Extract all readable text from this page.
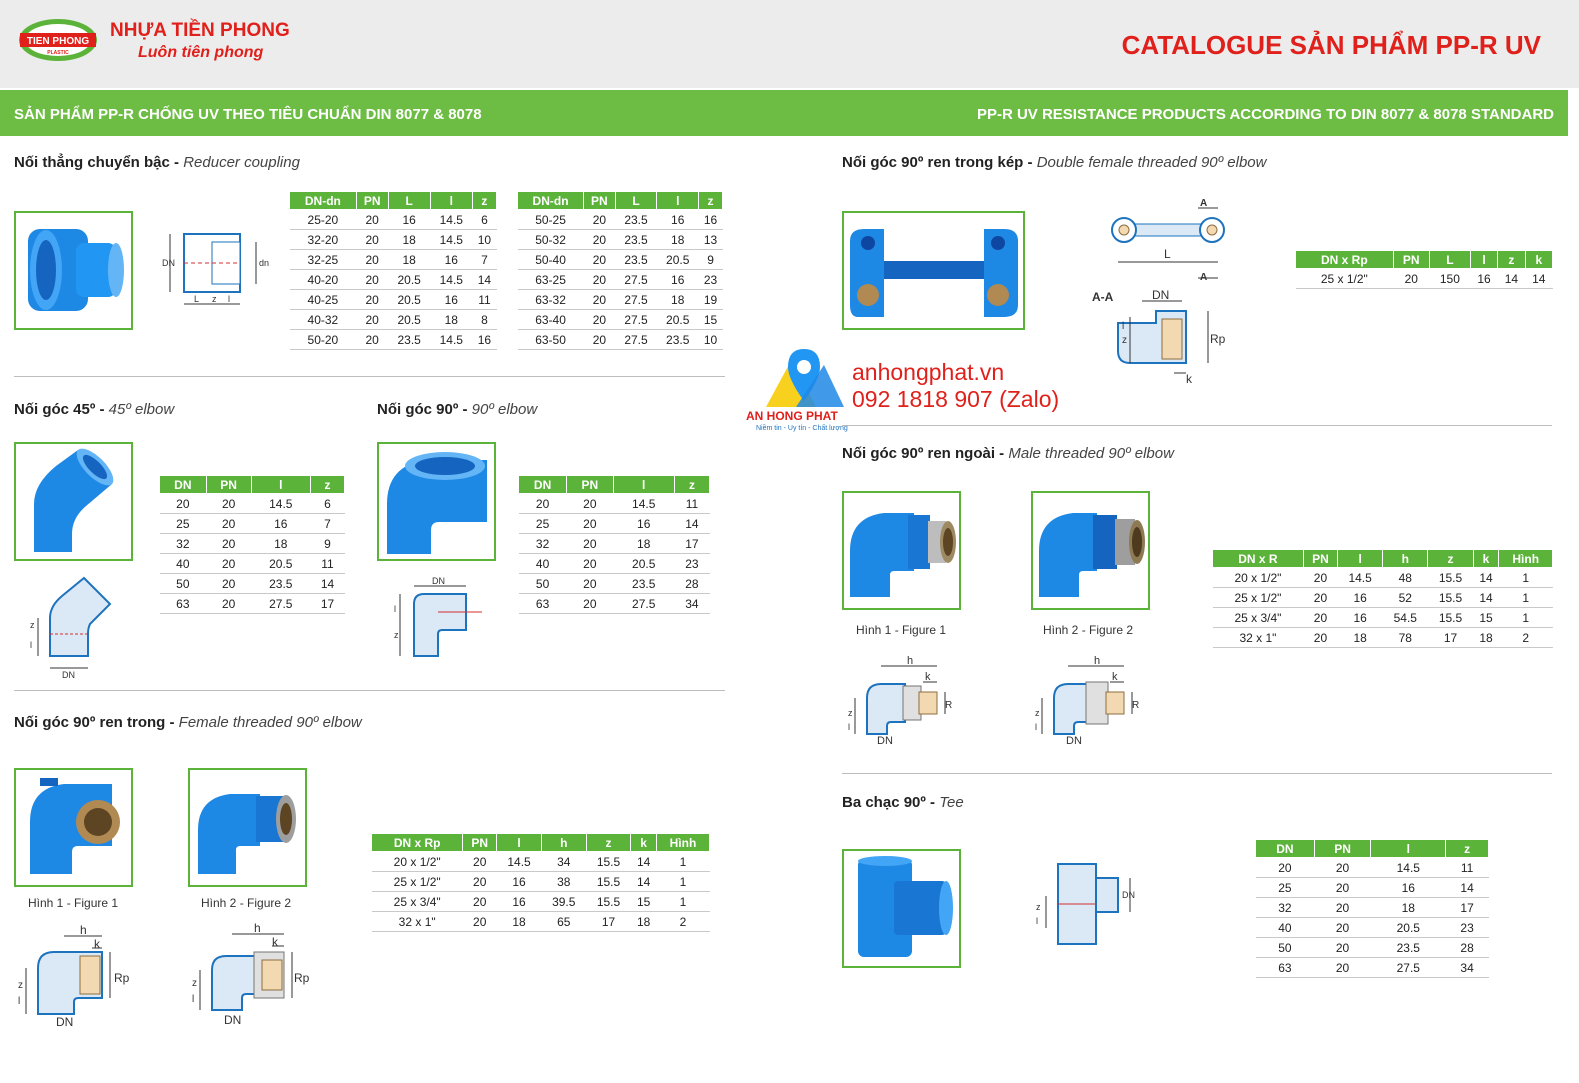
TIEN PHONG
PLASTIC
NHỰA TIỀN PHONG
Luôn tiên phong	CATALOGUE SẢN PHẨM PP-R UV
SẢN PHẨM PP-R CHỐNG UV THEO TIÊU CHUẨN DIN 8077 & 8078	PP-R UV RESISTANCE PRODUCTS ACCORDING TO DIN 8077 & 8078 STANDARD
Nối thẳng chuyển bậc - Reducer coupling
DN	dn
L z l
DN-dn	PN	L	l	z
25-20	20	16	14.5	6
32-20	20	18	14.5	10
32-25	20	18	16	7
40-20	20	20.5	14.5	14
40-25	20	20.5	16	11
40-32	20	20.5	18	8
50-20	20	23.5	14.5	16
DN-dn	PN	L	l	z
50-25	20	23.5	16	16
50-32	20	23.5	18	13
50-40	20	23.5	20.5	9
63-25	20	27.5	16	23
63-32	20	27.5	18	19
63-40	20	27.5	20.5	15
63-50	20	27.5	23.5	10
Nối góc 45º - 45º elbow
z
l
DN
DN	PN	l	z
20	20	14.5	6
25	20	16	7
32	20	18	9
40	20	20.5	11
50	20	23.5	14
63	20	27.5	17
Nối góc 90º - 90º elbow
DN
l
z
DN	PN	l	z
20	20	14.5	11
25	20	16	14
32	20	18	17
40	20	20.5	23
50	20	23.5	28
63	20	27.5	34
Nối góc 90º ren trong - Female threaded 90º elbow
Hình 1 - Figure 1	Hình 2 - Figure 2
h
k
Rp
z
l
DN
h
k
Rp
z
l
DN
DN x Rp	PN	l	h	z	k	Hình
20 x 1/2"	20	14.5	34	15.5	14	1
25 x 1/2"	20	16	38	15.5	14	1
25 x 3/4"	20	16	39.5	15.5	15	1
32 x 1"	20	18	65	17	18	2
Nối góc 90º ren trong kép - Double female threaded 90º elbow
A
L
A
A-A	DN
z
l
Rp
k
DN x Rp	PN	L	l	z	k
25 x 1/2"	20	150	16	14	14
Nối góc 90º ren ngoài - Male threaded 90º elbow
Hình 1 - Figure 1	Hình 2 - Figure 2
h
k
R
z
l
DN
h
k
R
z
l
DN
DN x R	PN	l	h	z	k	Hình
20 x 1/2"	20	14.5	48	15.5	14	1
25 x 1/2"	20	16	52	15.5	14	1
25 x 3/4"	20	16	54.5	15.5	15	1
32 x 1"	20	18	78	17	18	2
Ba chạc 90º - Tee
z
l
DN
DN	PN	l	z
20	20	14.5	11
25	20	16	14
32	20	18	17
40	20	20.5	23
50	20	23.5	28
63	20	27.5	34
anhongphat.vn
092 1818 907 (Zalo)
AN HONG PHAT
Niềm tin - Uy tín - Chất lượng
